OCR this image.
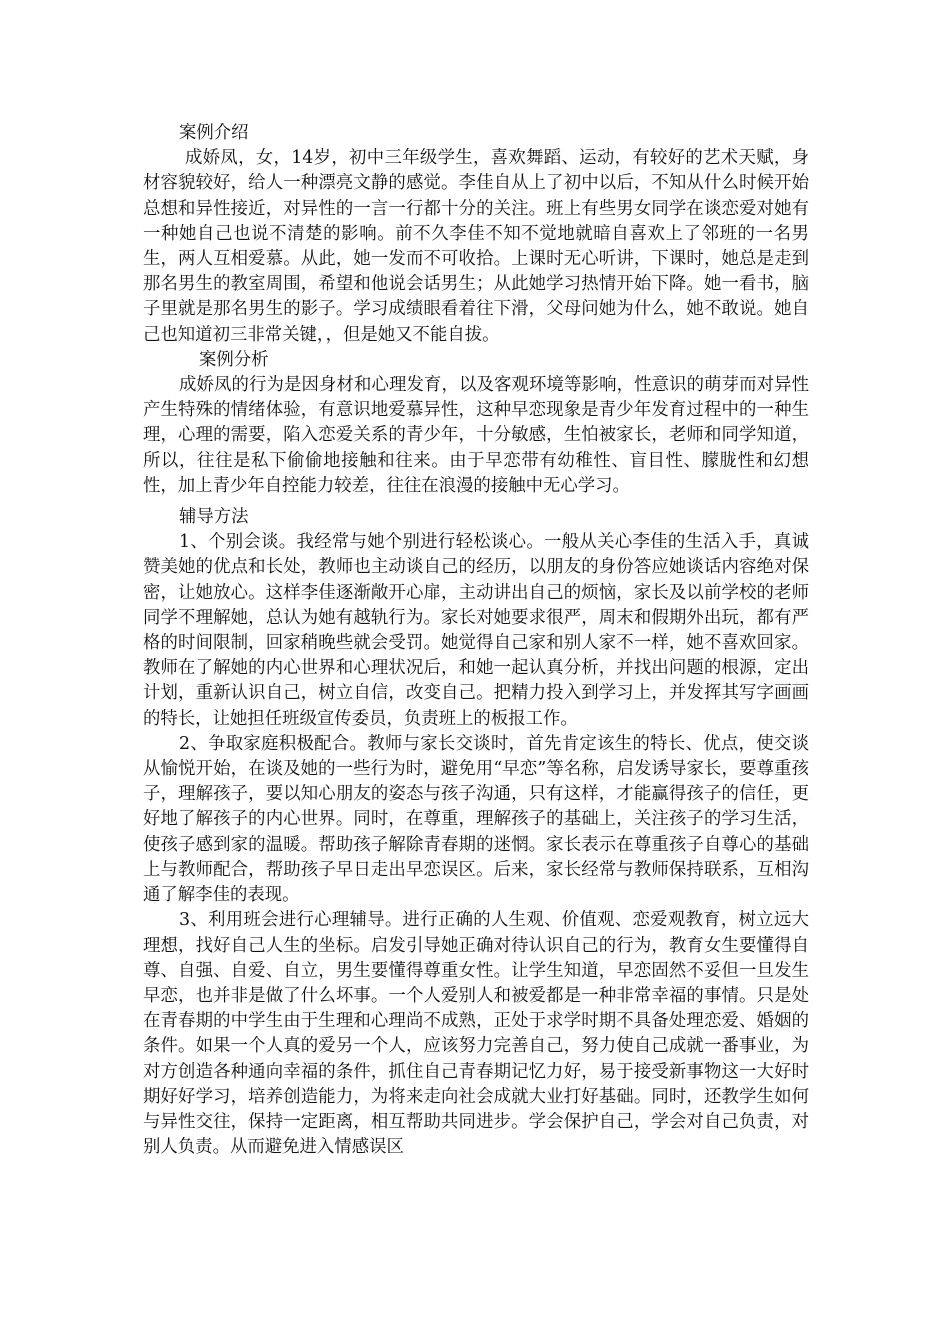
案例介绍

成娇凤，女，14岁，初中三年级学生，喜欢舞蹈、运动，有较好的艺术天赋，身材容貌较好，给人一种漂亮文静的感觉。李佳自从上了初中以后，不知从什么时候开始总想和异性接近，对异性的一言一行都十分的关注。班上有些男女同学在谈恋爱对她有一种她自己也说不清楚的影响。前不久李佳不知不觉地就暗自喜欢上了邻班的一名男生，两人互相爱慕。从此，她一发而不可收拾。上课时无心听讲，下课时，她总是走到那名男生的教室周围，希望和他说会话男生；从此她学习热情开始下降。她一看书，脑子里就是那名男生的影子。学习成绩眼看着往下滑，父母问她为什么，她不敢说。她自己也知道初三非常关键，，但是她又不能自拔。

案例分析

成娇凤的行为是因身材和心理发育，以及客观环境等影响，性意识的萌芽而对异性产生特殊的情绪体验，有意识地爱慕异性，这种早恋现象是青少年发育过程中的一种生理，心理的需要，陷入恋爱关系的青少年，十分敏感，生怕被家长，老师和同学知道，所以，往往是私下偷偷地接触和往来。由于早恋带有幼稚性、盲目性、朦胧性和幻想性，加上青少年自控能力较差，往往在浪漫的接触中无心学习。

辅导方法

1、个别会谈。我经常与她个别进行轻松谈心。一般从关心李佳的生活入手，真诚赞美她的优点和长处，教师也主动谈自己的经历，以朋友的身份答应她谈话内容绝对保密，让她放心。这样李佳逐渐敞开心扉，主动讲出自己的烦恼，家长及以前学校的老师同学不理解她，总认为她有越轨行为。家长对她要求很严，周末和假期外出玩，都有严格的时间限制，回家稍晚些就会受罚。她觉得自己家和别人家不一样，她不喜欢回家。教师在了解她的内心世界和心理状况后，和她一起认真分析，并找出问题的根源，定出计划，重新认识自己，树立自信，改变自己。把精力投入到学习上，并发挥其写字画画的特长，让她担任班级宣传委员，负责班上的板报工作。

2、争取家庭积极配合。教师与家长交谈时，首先肯定该生的特长、优点，使交谈从愉悦开始，在谈及她的一些行为时，避免用“早恋”等名称，启发诱导家长，要尊重孩子，理解孩子，要以知心朋友的姿态与孩子沟通，只有这样，才能赢得孩子的信任，更好地了解孩子的内心世界。同时，在尊重，理解孩子的基础上，关注孩子的学习生活，使孩子感到家的温暖。帮助孩子解除青春期的迷惘。家长表示在尊重孩子自尊心的基础上与教师配合，帮助孩子早日走出早恋误区。后来，家长经常与教师保持联系，互相沟通了解李佳的表现。

3、利用班会进行心理辅导。进行正确的人生观、价值观、恋爱观教育，树立远大理想，找好自己人生的坐标。启发引导她正确对待认识自己的行为，教育女生要懂得自尊、自强、自爱、自立，男生要懂得尊重女性。让学生知道，早恋固然不妥但一旦发生早恋，也并非是做了什么坏事。一个人爱别人和被爱都是一种非常幸福的事情。只是处在青春期的中学生由于生理和心理尚不成熟，正处于求学时期不具备处理恋爱、婚姻的条件。如果一个人真的爱另一个人，应该努力完善自己，努力使自己成就一番事业，为对方创造各种通向幸福的条件，抓住自己青春期记忆力好，易于接受新事物这一大好时期好好学习，培养创造能力，为将来走向社会成就大业打好基础。同时，还教学生如何与异性交往，保持一定距离，相互帮助共同进步。学会保护自己，学会对自己负责，对别人负责。从而避免进入情感误区
